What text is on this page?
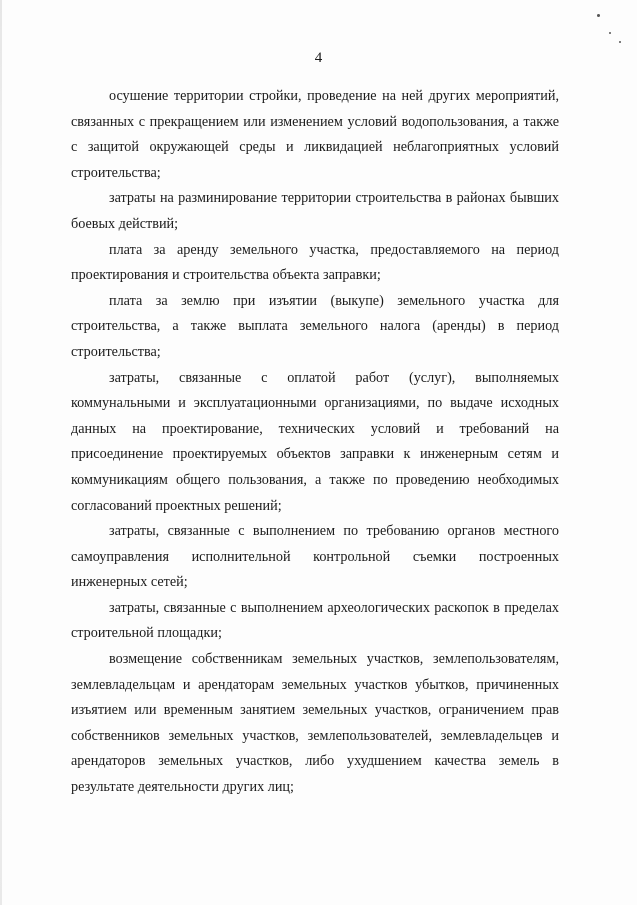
4

осушение территории стройки, проведение на ней других мероприятий, связанных с прекращением или изменением условий водопользования, а также с защитой окружающей среды и ликвидацией неблагоприятных условий строительства;

затраты на разминирование территории строительства в районах бывших боевых действий;

плата за аренду земельного участка, предоставляемого на период проектирования и строительства объекта заправки;

плата за землю при изъятии (выкупе) земельного участка для строительства, а также выплата земельного налога (аренды) в период строительства;

затраты, связанные с оплатой работ (услуг), выполняемых коммунальными и эксплуатационными организациями, по выдаче исходных данных на проектирование, технических условий и требований на присоединение проектируемых объектов заправки к инженерным сетям и коммуникациям общего пользования, а также по проведению необходимых согласований проектных решений;

затраты, связанные с выполнением по требованию органов местного самоуправления исполнительной контрольной съемки построенных инженерных сетей;

затраты, связанные с выполнением археологических раскопок в пределах строительной площадки;

возмещение собственникам земельных участков, землепользователям, землевладельцам и арендаторам земельных участков убытков, причиненных изъятием или временным занятием земельных участков, ограничением прав собственников земельных участков, землепользователей, землевладельцев и арендаторов земельных участков, либо ухудшением качества земель в результате деятельности других лиц;
